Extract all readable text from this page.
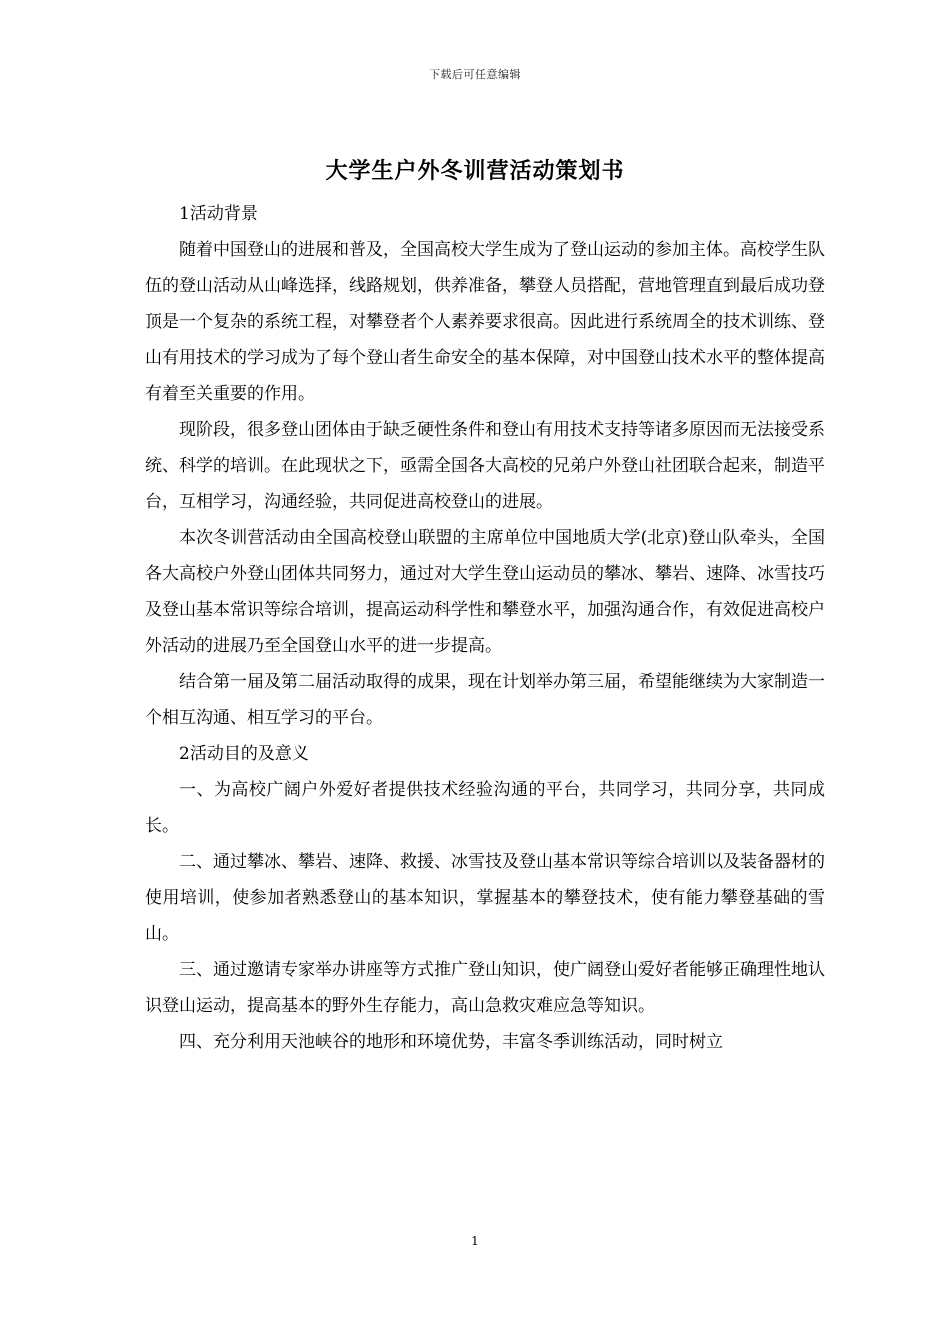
下载后可任意编辑
大学生户外冬训营活动策划书

1活动背景

随着中国登山的进展和普及，全国高校大学生成为了登山运动的参加主体。高校学生队伍的登山活动从山峰选择，线路规划，供养准备，攀登人员搭配，营地管理直到最后成功登顶是一个复杂的系统工程，对攀登者个人素养要求很高。因此进行系统周全的技术训练、登山有用技术的学习成为了每个登山者生命安全的基本保障，对中国登山技术水平的整体提高有着至关重要的作用。

现阶段，很多登山团体由于缺乏硬性条件和登山有用技术支持等诸多原因而无法接受系统、科学的培训。在此现状之下，亟需全国各大高校的兄弟户外登山社团联合起来，制造平台，互相学习，沟通经验，共同促进高校登山的进展。

本次冬训营活动由全国高校登山联盟的主席单位中国地质大学(北京)登山队牵头，全国各大高校户外登山团体共同努力，通过对大学生登山运动员的攀冰、攀岩、速降、冰雪技巧及登山基本常识等综合培训，提高运动科学性和攀登水平，加强沟通合作，有效促进高校户外活动的进展乃至全国登山水平的进一步提高。

结合第一届及第二届活动取得的成果，现在计划举办第三届，希望能继续为大家制造一个相互沟通、相互学习的平台。

2活动目的及意义

一、为高校广阔户外爱好者提供技术经验沟通的平台，共同学习，共同分享，共同成长。

二、通过攀冰、攀岩、速降、救援、冰雪技及登山基本常识等综合培训以及装备器材的使用培训，使参加者熟悉登山的基本知识，掌握基本的攀登技术，使有能力攀登基础的雪山。

三、通过邀请专家举办讲座等方式推广登山知识，使广阔登山爱好者能够正确理性地认识登山运动，提高基本的野外生存能力，高山急救灾难应急等知识。

四、充分利用天池峡谷的地形和环境优势，丰富冬季训练活动，同时树立

1
